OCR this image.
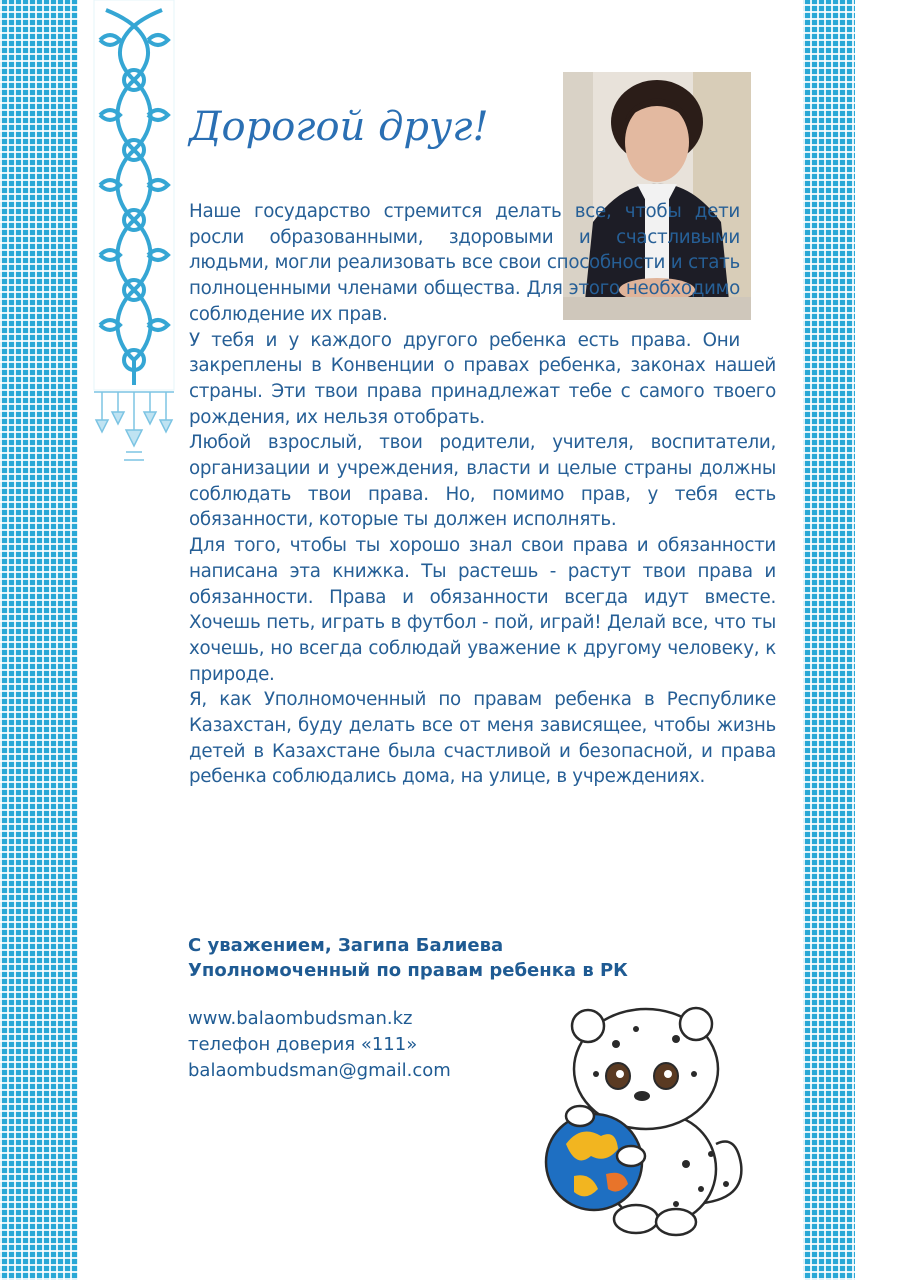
Дорогой друг!

Наше государство стремится делать все, чтобы дети росли образованными, здоровыми и счастливыми людьми, могли реализовать все свои способности и стать полноценными членами общества. Для этого необходимо соблюдение их прав.

У тебя и у каждого другого ребенка есть права. Они закреплены в Конвенции о правах ребенка, законах нашей страны. Эти твои права принадлежат тебе с самого твоего рождения, их нельзя отобрать.

Любой взрослый, твои родители, учителя, воспитатели, организации и учреждения, власти и целые страны должны соблюдать твои права. Но, помимо прав, у тебя есть обязанности, которые ты должен исполнять.

Для того, чтобы ты хорошо знал свои права и обязанности написана эта книжка. Ты растешь - растут твои права и обязанности. Права и обязанности всегда идут вместе. Хочешь петь, играть в футбол - пой, играй! Делай все, что ты хочешь, но всегда соблюдай уважение к другому человеку, к природе.

Я, как Уполномоченный по правам ребенка в Республике Казахстан, буду делать все от меня зависящее, чтобы жизнь детей в Казахстане была счастливой и безопасной, и права ребенка соблюдались дома, на улице, в учреждениях.

С уважением, Загипа Балиева
Уполномоченный по правам ребенка в РК
www.balaombudsman.kz
телефон доверия «111»
balaombudsman@gmail.com
